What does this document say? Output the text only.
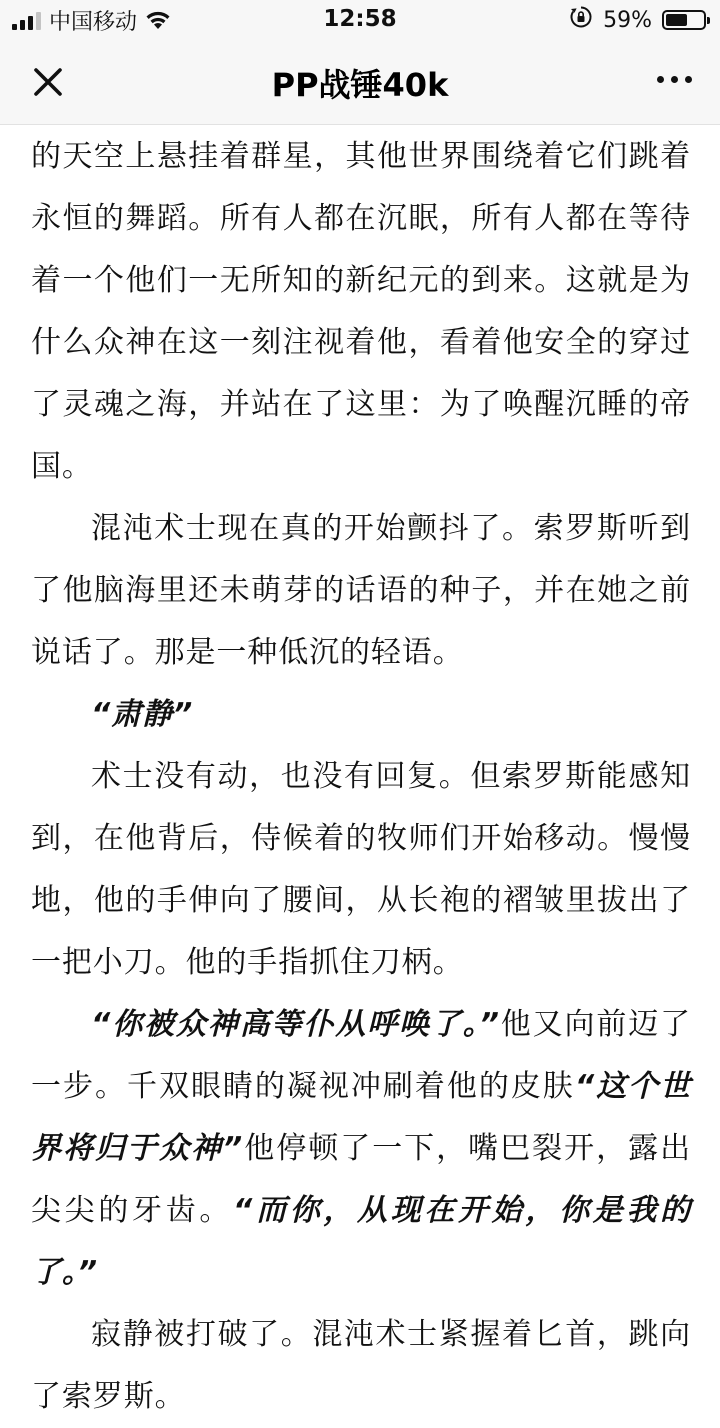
中国移动	12:58	59%
PP战锤40k

的天空上悬挂着群星，其他世界围绕着它们跳着永恒的舞蹈。所有人都在沉眠，所有人都在等待着一个他们一无所知的新纪元的到来。这就是为什么众神在这一刻注视着他，看着他安全的穿过了灵魂之海，并站在了这里：为了唤醒沉睡的帝国。

混沌术士现在真的开始颤抖了。索罗斯听到了他脑海里还未萌芽的话语的种子，并在她之前说话了。那是一种低沉的轻语。

“肃静”

术士没有动，也没有回复。但索罗斯能感知到，在他背后，侍候着的牧师们开始移动。慢慢地，他的手伸向了腰间，从长袍的褶皱里拔出了一把小刀。他的手指抓住刀柄。

“你被众神高等仆从呼唤了。”他又向前迈了一步。千双眼睛的凝视冲刷着他的皮肤“这个世界将归于众神”他停顿了一下，嘴巴裂开，露出尖尖的牙齿。“而你，从现在开始，你是我的了。”

寂静被打破了。混沌术士紧握着匕首，跳向了索罗斯。
